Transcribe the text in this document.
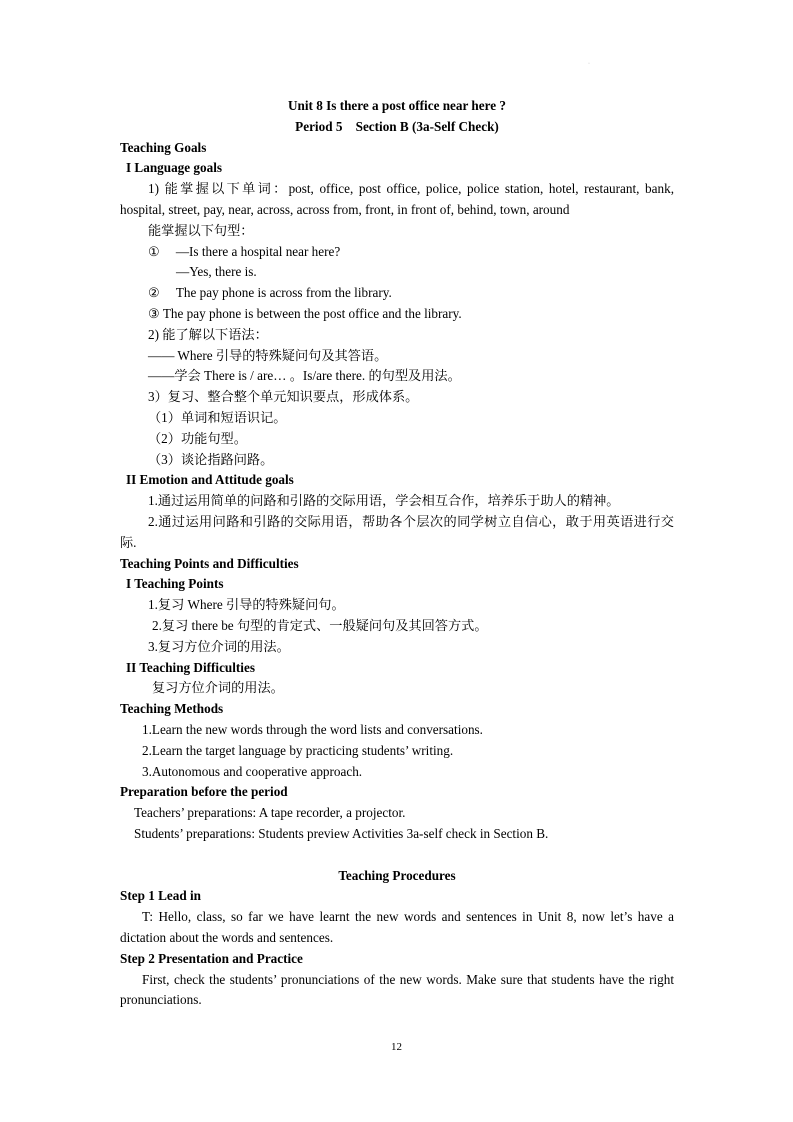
·
Unit 8 Is there a post office near here ?
Period 5    Section B (3a-Self Check)
Teaching Goals
I Language goals
1) 能掌握以下单词：post, office, post office, police, police station, hotel, restaurant, bank, hospital, street, pay, near, across, across from, front, in front of, behind, town, around
能掌握以下句型：
① —Is there a hospital near here?
—Yes, there is.
② The pay phone is across from the library.
③ The pay phone is between the post office and the library.
2) 能了解以下语法：
—— Where 引导的特殊疑问句及其答语。
——学会 There is / are… 。Is/are there. 的句型及用法。
3）复习、整合整个单元知识要点，形成体系。
（1）单词和短语识记。
（2）功能句型。
（3）谈论指路问路。
II Emotion and Attitude goals
1.通过运用简单的问路和引路的交际用语，学会相互合作，培养乐于助人的精神。
2.通过运用问路和引路的交际用语，帮助各个层次的同学树立自信心，敢于用英语进行交际.
Teaching Points and Difficulties
I Teaching Points
1.复习 Where 引导的特殊疑问句。
2.复习 there be 句型的肯定式、一般疑问句及其回答方式。
3.复习方位介词的用法。
II Teaching Difficulties
复习方位介词的用法。
Teaching Methods
1.Learn the new words through the word lists and conversations.
2.Learn the target language by practicing students’ writing.
3.Autonomous and cooperative approach.
Preparation before the period
Teachers’ preparations: A tape recorder, a projector.
Students’ preparations: Students preview Activities 3a-self check in Section B.
Teaching Procedures
Step 1 Lead in
T: Hello, class, so far we have learnt the new words and sentences in Unit 8, now let’s have a dictation about the words and sentences.
Step 2 Presentation and Practice
First, check the students’ pronunciations of the new words. Make sure that students have the right pronunciations.
12
